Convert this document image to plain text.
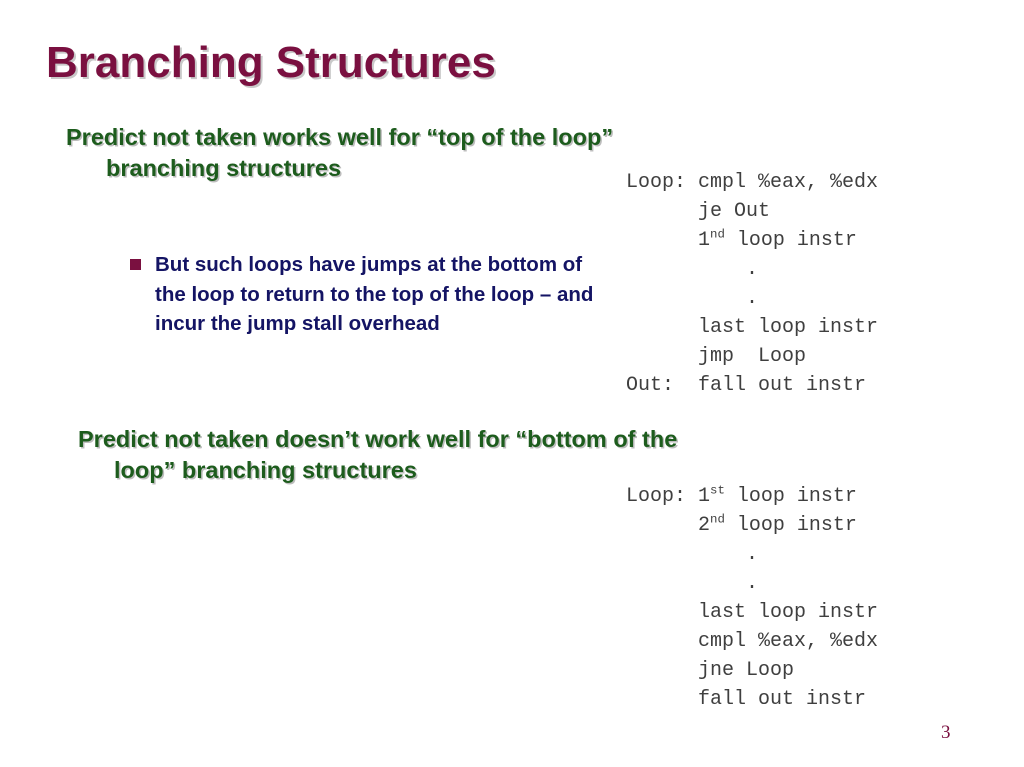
Branching Structures
Predict not taken works well for “top of the loop”
branching structures
But such loops have jumps at the bottom of the loop to return to the top of the loop – and incur the jump stall overhead
Predict not taken doesn’t work well for “bottom of the
loop” branching structures
Loop: cmpl %eax, %edx
je Out
1nd loop instr
.
.
last loop instr
jmp  Loop
Out:  fall out instr
Loop: 1st loop instr
2nd loop instr
.
.
last loop instr
cmpl %eax, %edx
jne Loop
fall out instr
3
